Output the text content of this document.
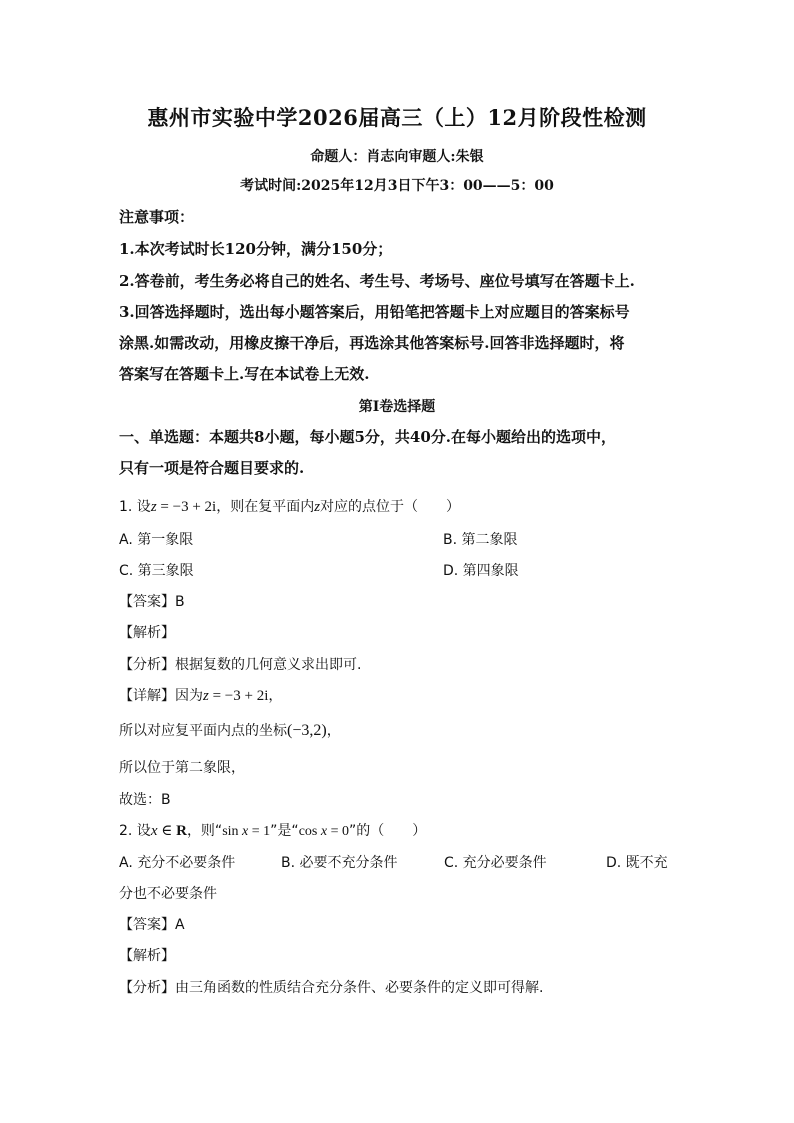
惠州市实验中学2026届高三（上）12月阶段性检测
命题人：肖志向审题人:朱银
考试时间:2025年12月3日下午3：00——5：00
注意事项：
1.本次考试时长120分钟，满分150分；
2.答卷前，考生务必将自己的姓名、考生号、考场号、座位号填写在答题卡上.
3.回答选择题时，选出每小题答案后，用铅笔把答题卡上对应题目的答案标号
涂黑.如需改动，用橡皮擦干净后，再选涂其他答案标号.回答非选择题时，将
答案写在答题卡上.写在本试卷上无效.
第I卷选择题
一、单选题：本题共8小题，每小题5分，共40分.在每小题给出的选项中，
只有一项是符合题目要求的.
1. 设z = −3 + 2i，则在复平面内z对应的点位于（　　）
A. 第一象限	B. 第二象限
C. 第三象限	D. 第四象限
【答案】B
【解析】
【分析】根据复数的几何意义求出即可.
【详解】因为z = −3 + 2i，
所以对应复平面内点的坐标(−3,2)，
所以位于第二象限，
故选：B
2. 设x ∈ R，则“sin x = 1”是“cos x = 0”的（　　）
A. 充分不必要条件	B. 必要不充分条件	C. 充分必要条件	D. 既不充
分也不必要条件
【答案】A
【解析】
【分析】由三角函数的性质结合充分条件、必要条件的定义即可得解.
